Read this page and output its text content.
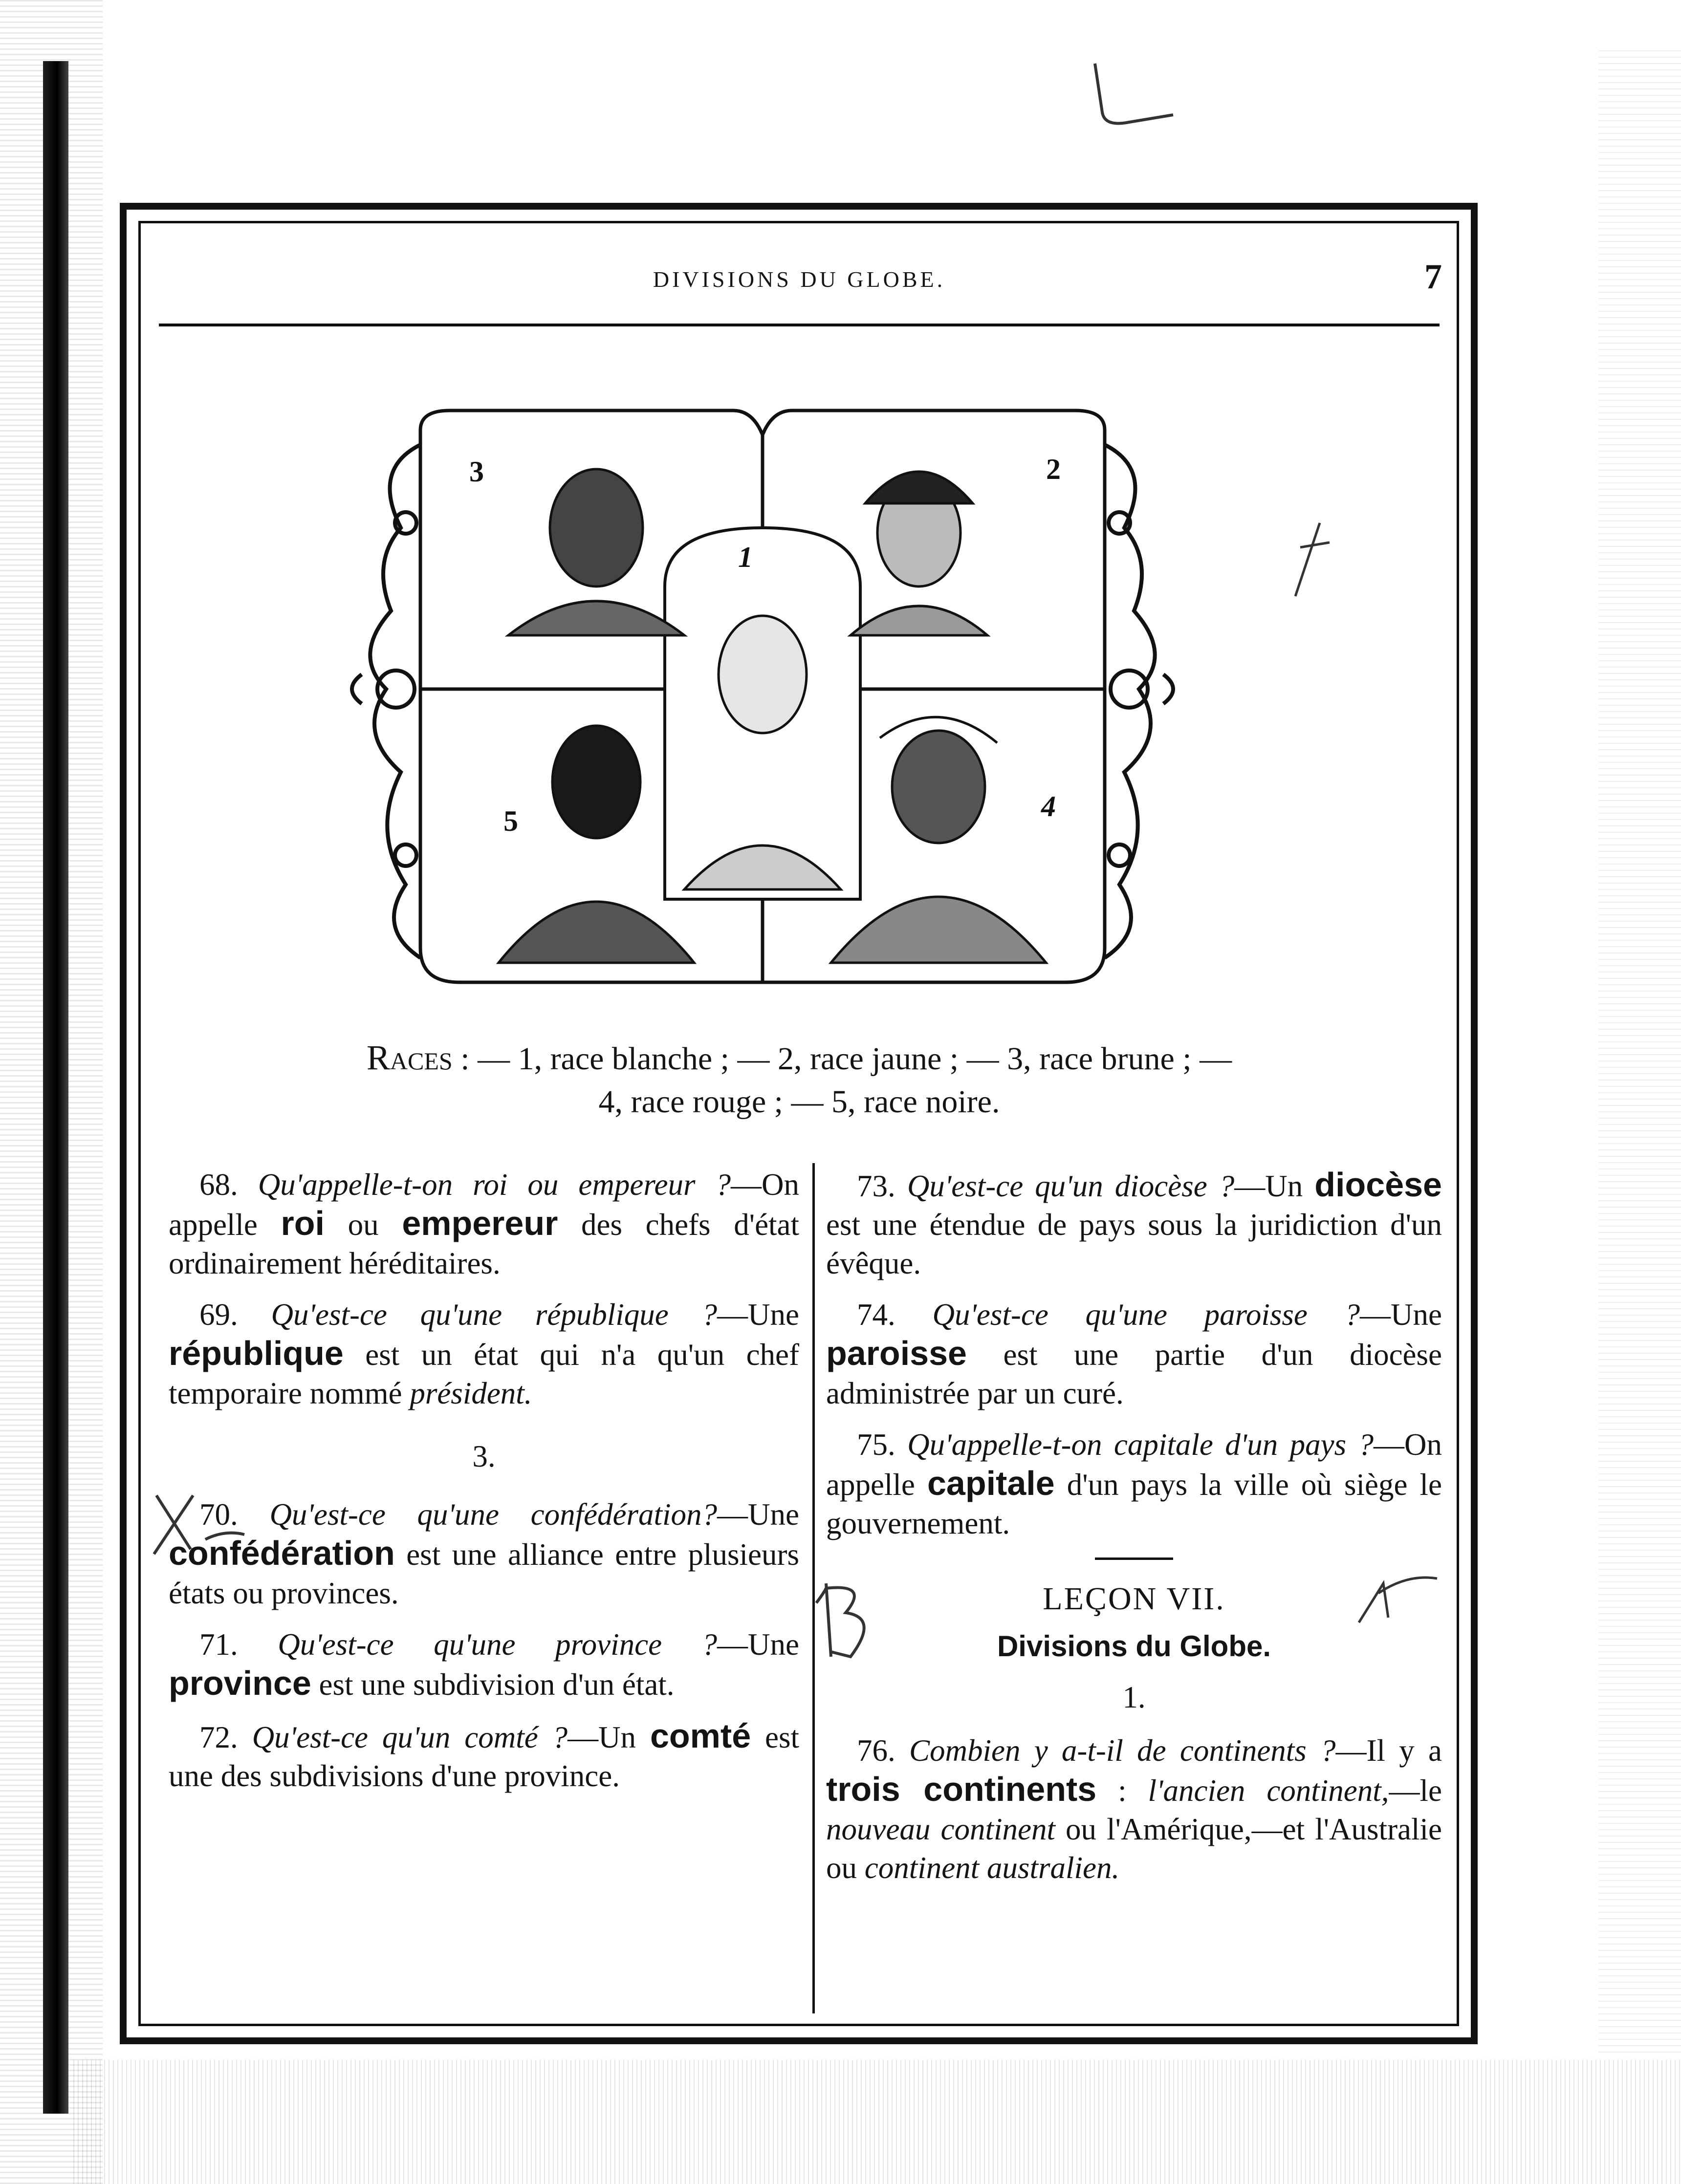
DIVISIONS DU GLOBE.	7
1
2
3
4
5
Races : — 1, race blanche ; — 2, race jaune ; — 3, race brune ; —
4, race rouge ; — 5, race noire.

 68. Qu'appelle-t-on roi ou empereur ?—On appelle roi ou empereur des chefs d'état ordinairement héréditaires.

 69. Qu'est-ce qu'une république ?—Une république est un état qui n'a qu'un chef temporaire nommé président.

3.

 70. Qu'est-ce qu'une confédération?—Une confédération est une alliance entre plusieurs états ou provinces.

 71. Qu'est-ce qu'une province ?—Une province est une subdivision d'un état.

 72. Qu'est-ce qu'un comté ?—Un comté est une des subdivisions d'une province.

 73. Qu'est-ce qu'un diocèse ?—Un diocèse est une étendue de pays sous la juridiction d'un évêque.

 74. Qu'est-ce qu'une paroisse ?—Une paroisse est une partie d'un diocèse administrée par un curé.

 75. Qu'appelle-t-on capitale d'un pays ?—On appelle capitale d'un pays la ville où siège le gouvernement.

LEÇON VII.

Divisions du Globe.

1.

 76. Combien y a-t-il de continents ?—Il y a trois continents : l'ancien continent,—le nouveau continent ou l'Amérique,—et l'Australie ou continent australien.
